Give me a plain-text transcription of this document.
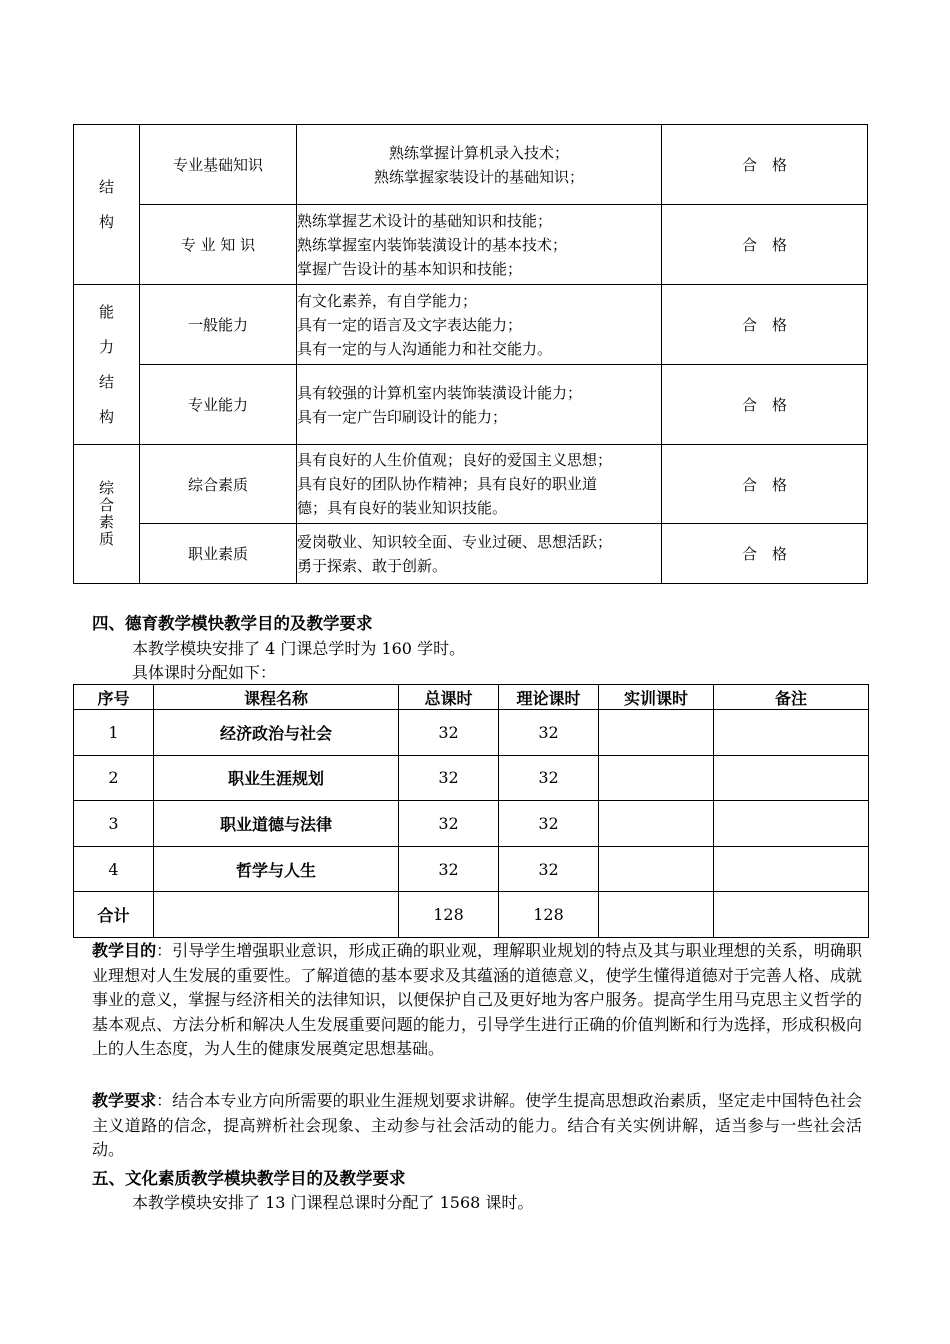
结
构	专业基础知识	熟练掌握计算机录入技术；
熟练掌握家装设计的基础知识；	合　格
	专 业 知 识	熟练掌握艺术设计的基础知识和技能；
熟练掌握室内装饰装潢设计的基本技术；
掌握广告设计的基本知识和技能；	合　格

能
力
结
构	一般能力	有文化素养，有自学能力；
具有一定的语言及文字表达能力；
具有一定的与人沟通能力和社交能力。	合　格
	专业能力	具有较强的计算机室内装饰装潢设计能力；
具有一定广告印刷设计的能力；	合　格

综
合
素
质	综合素质	具有良好的人生价值观；良好的爱国主义思想；
具有良好的团队协作精神；具有良好的职业道
德；具有良好的装业知识技能。	合　格
	职业素质	爱岗敬业、知识较全面、专业过硬、思想活跃；
勇于探索、敢于创新。	合　格

四、德育教学模快教学目的及教学要求

本教学模块安排了 4 门课总学时为 160 学时。

具体课时分配如下：

序号	课程名称	总课时	理论课时	实训课时	备注
1	经济政治与社会	32	32		
2	职业生涯规划	32	32		
3	职业道德与法律	32	32		
4	哲学与人生	32	32		
合计		128	128		

教学目的：引导学生增强职业意识，形成正确的职业观，理解职业规划的特点及其与职业理想的关系，明确职业理想对人生发展的重要性。了解道德的基本要求及其蕴涵的道德意义，使学生懂得道德对于完善人格、成就事业的意义，掌握与经济相关的法律知识，以便保护自己及更好地为客户服务。提高学生用马克思主义哲学的基本观点、方法分析和解决人生发展重要问题的能力，引导学生进行正确的价值判断和行为选择，形成积极向上的人生态度，为人生的健康发展奠定思想基础。

教学要求：结合本专业方向所需要的职业生涯规划要求讲解。使学生提高思想政治素质，坚定走中国特色社会主义道路的信念，提高辨析社会现象、主动参与社会活动的能力。结合有关实例讲解，适当参与一些社会活动。

五、文化素质教学模块教学目的及教学要求

本教学模块安排了 13 门课程总课时分配了 1568 课时。
